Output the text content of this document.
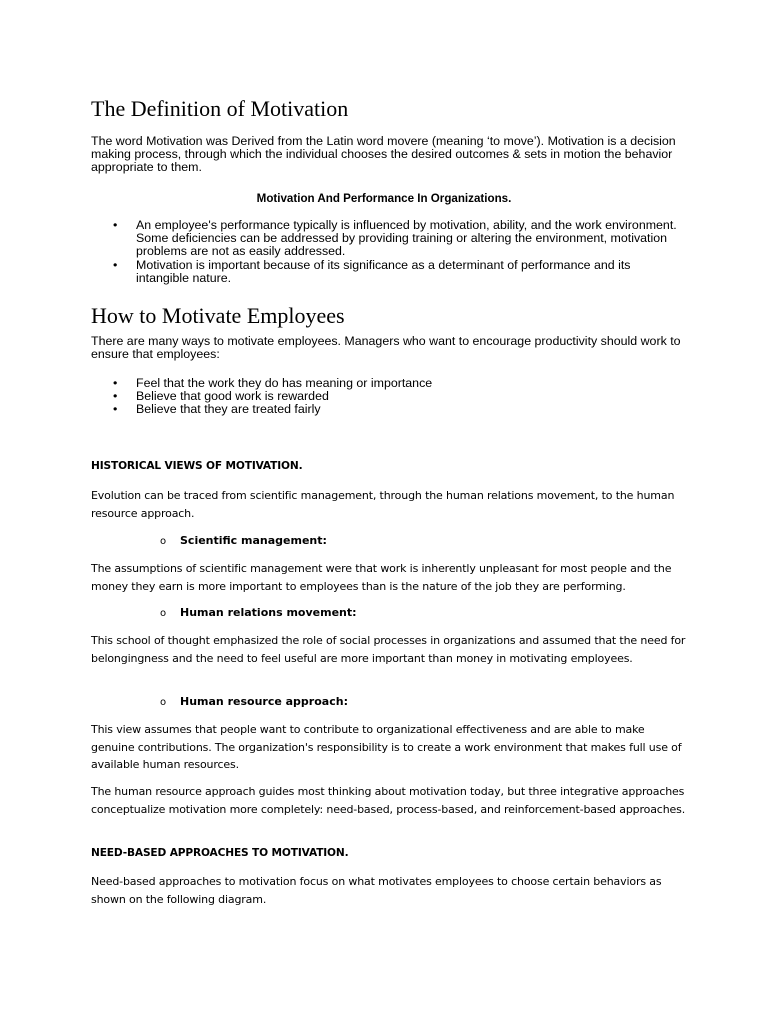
The Definition of Motivation

The word Motivation was Derived from the Latin word movere (meaning ‘to move’). Motivation is a decision making process, through which the individual chooses the desired outcomes & sets in motion the behavior appropriate to them.

Motivation And Performance In Organizations.

• An employee's performance typically is influenced by motivation, ability, and the work environment. Some deficiencies can be addressed by providing training or altering the environment, motivation problems are not as easily addressed.
• Motivation is important because of its significance as a determinant of performance and its intangible nature.
How to Motivate Employees

There are many ways to motivate employees. Managers who want to encourage productivity should work to ensure that employees:

• Feel that the work they do has meaning or importance
• Believe that good work is rewarded
• Believe that they are treated fairly

HISTORICAL VIEWS OF MOTIVATION.

Evolution can be traced from scientific management, through the human relations movement, to the human resource approach.

o Scientific management:

The assumptions of scientific management were that work is inherently unpleasant for most people and the money they earn is more important to employees than is the nature of the job they are performing.

o Human relations movement:

This school of thought emphasized the role of social processes in organizations and assumed that the need for belongingness and the need to feel useful are more important than money in motivating employees.

o Human resource approach:

This view assumes that people want to contribute to organizational effectiveness and are able to make genuine contributions. The organization's responsibility is to create a work environment that makes full use of available human resources.

The human resource approach guides most thinking about motivation today, but three integrative approaches conceptualize motivation more completely: need-based, process-based, and reinforcement-based approaches.

NEED-BASED APPROACHES TO MOTIVATION.

Need-based approaches to motivation focus on what motivates employees to choose certain behaviors as shown on the following diagram.
